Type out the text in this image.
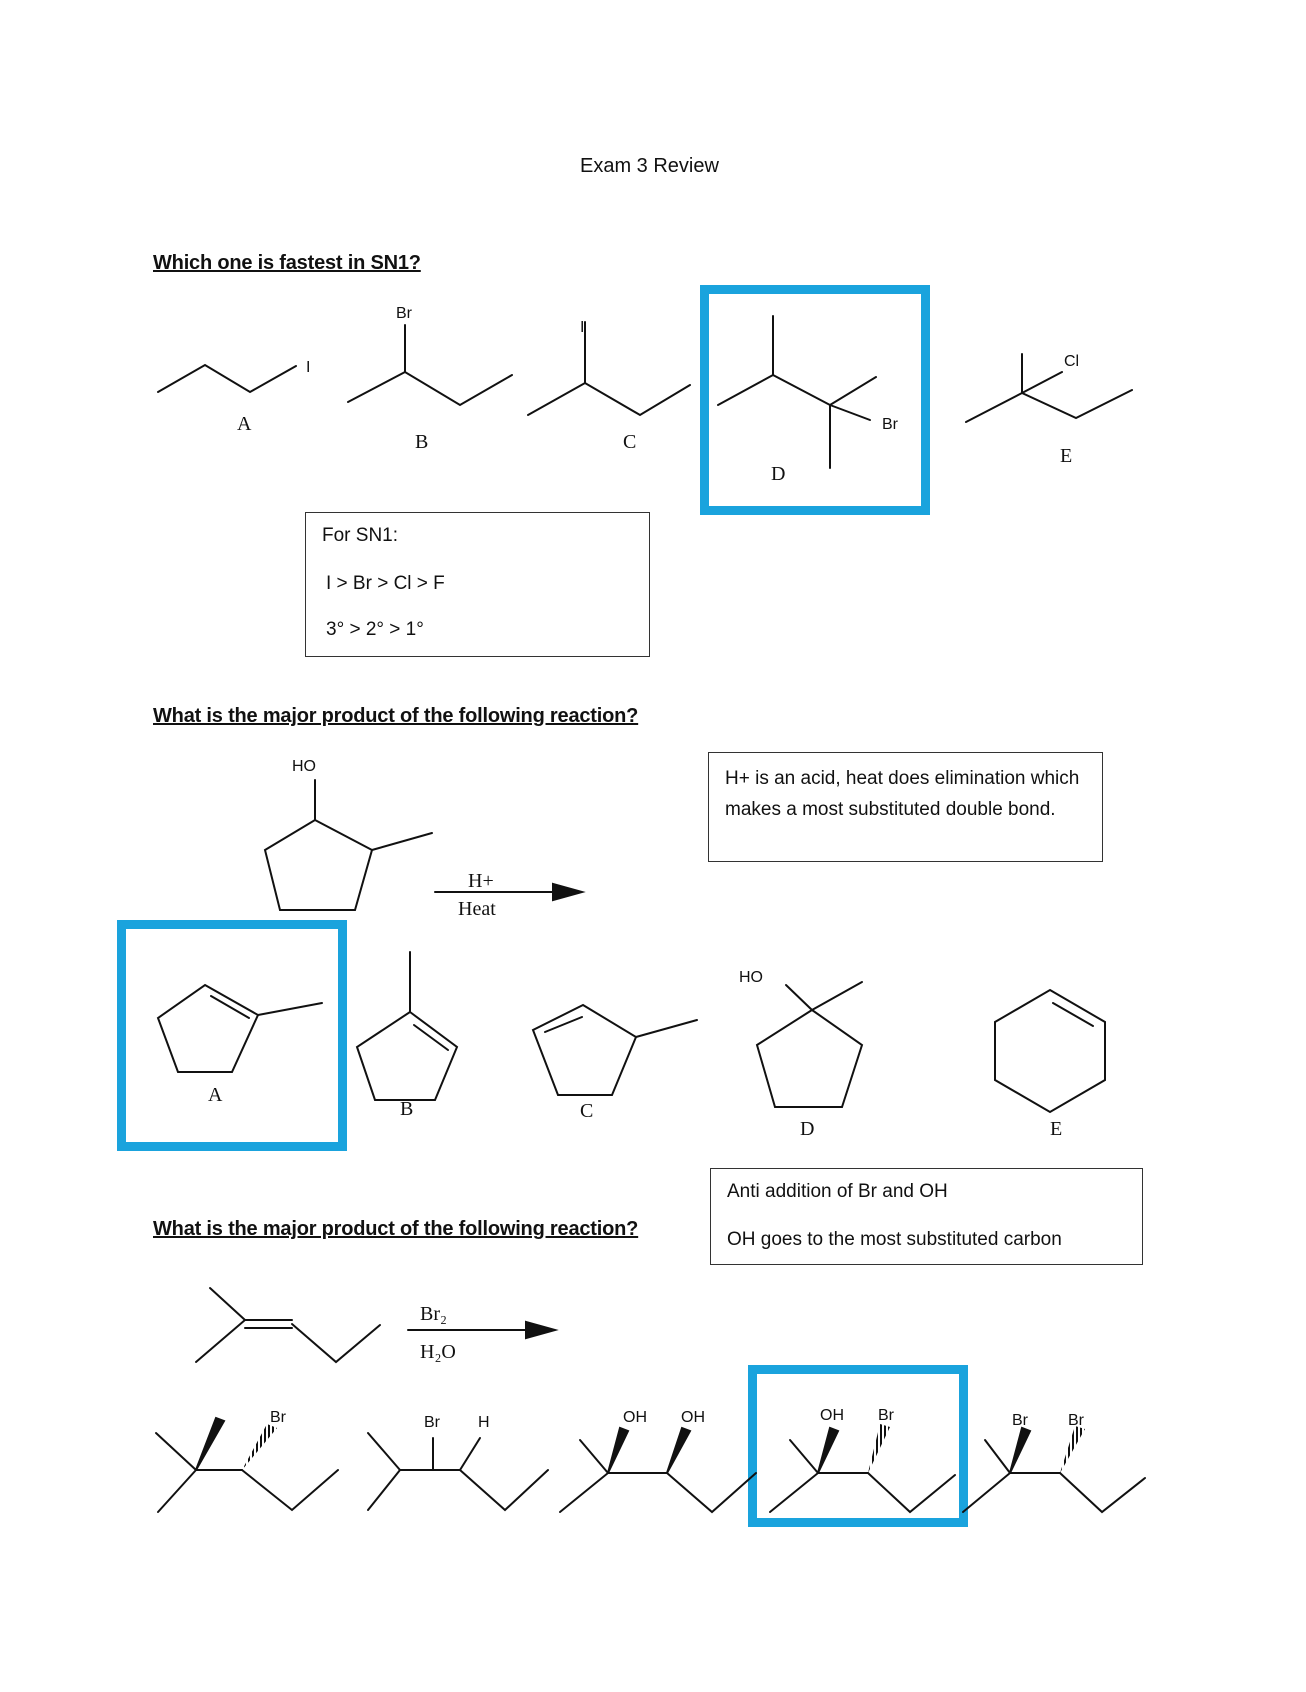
Exam 3 Review
Which one is fastest in SN1?

For SN1:

I > Br > Cl > F

3° > 2° > 1°

What is the major product of the following reaction?

H+ is an acid, heat does elimination which makes a most substituted double bond.

What is the major product of the following reaction?

Anti addition of Br and OH

OH goes to the most substituted carbon

I
Br
I
Br
Cl
A
B	C
D
E
HO
H+
Heat
A
B	C
D	E
HO
Br₂
H₂O
Br	Br H	OH OH	OH Br	Br	Br
